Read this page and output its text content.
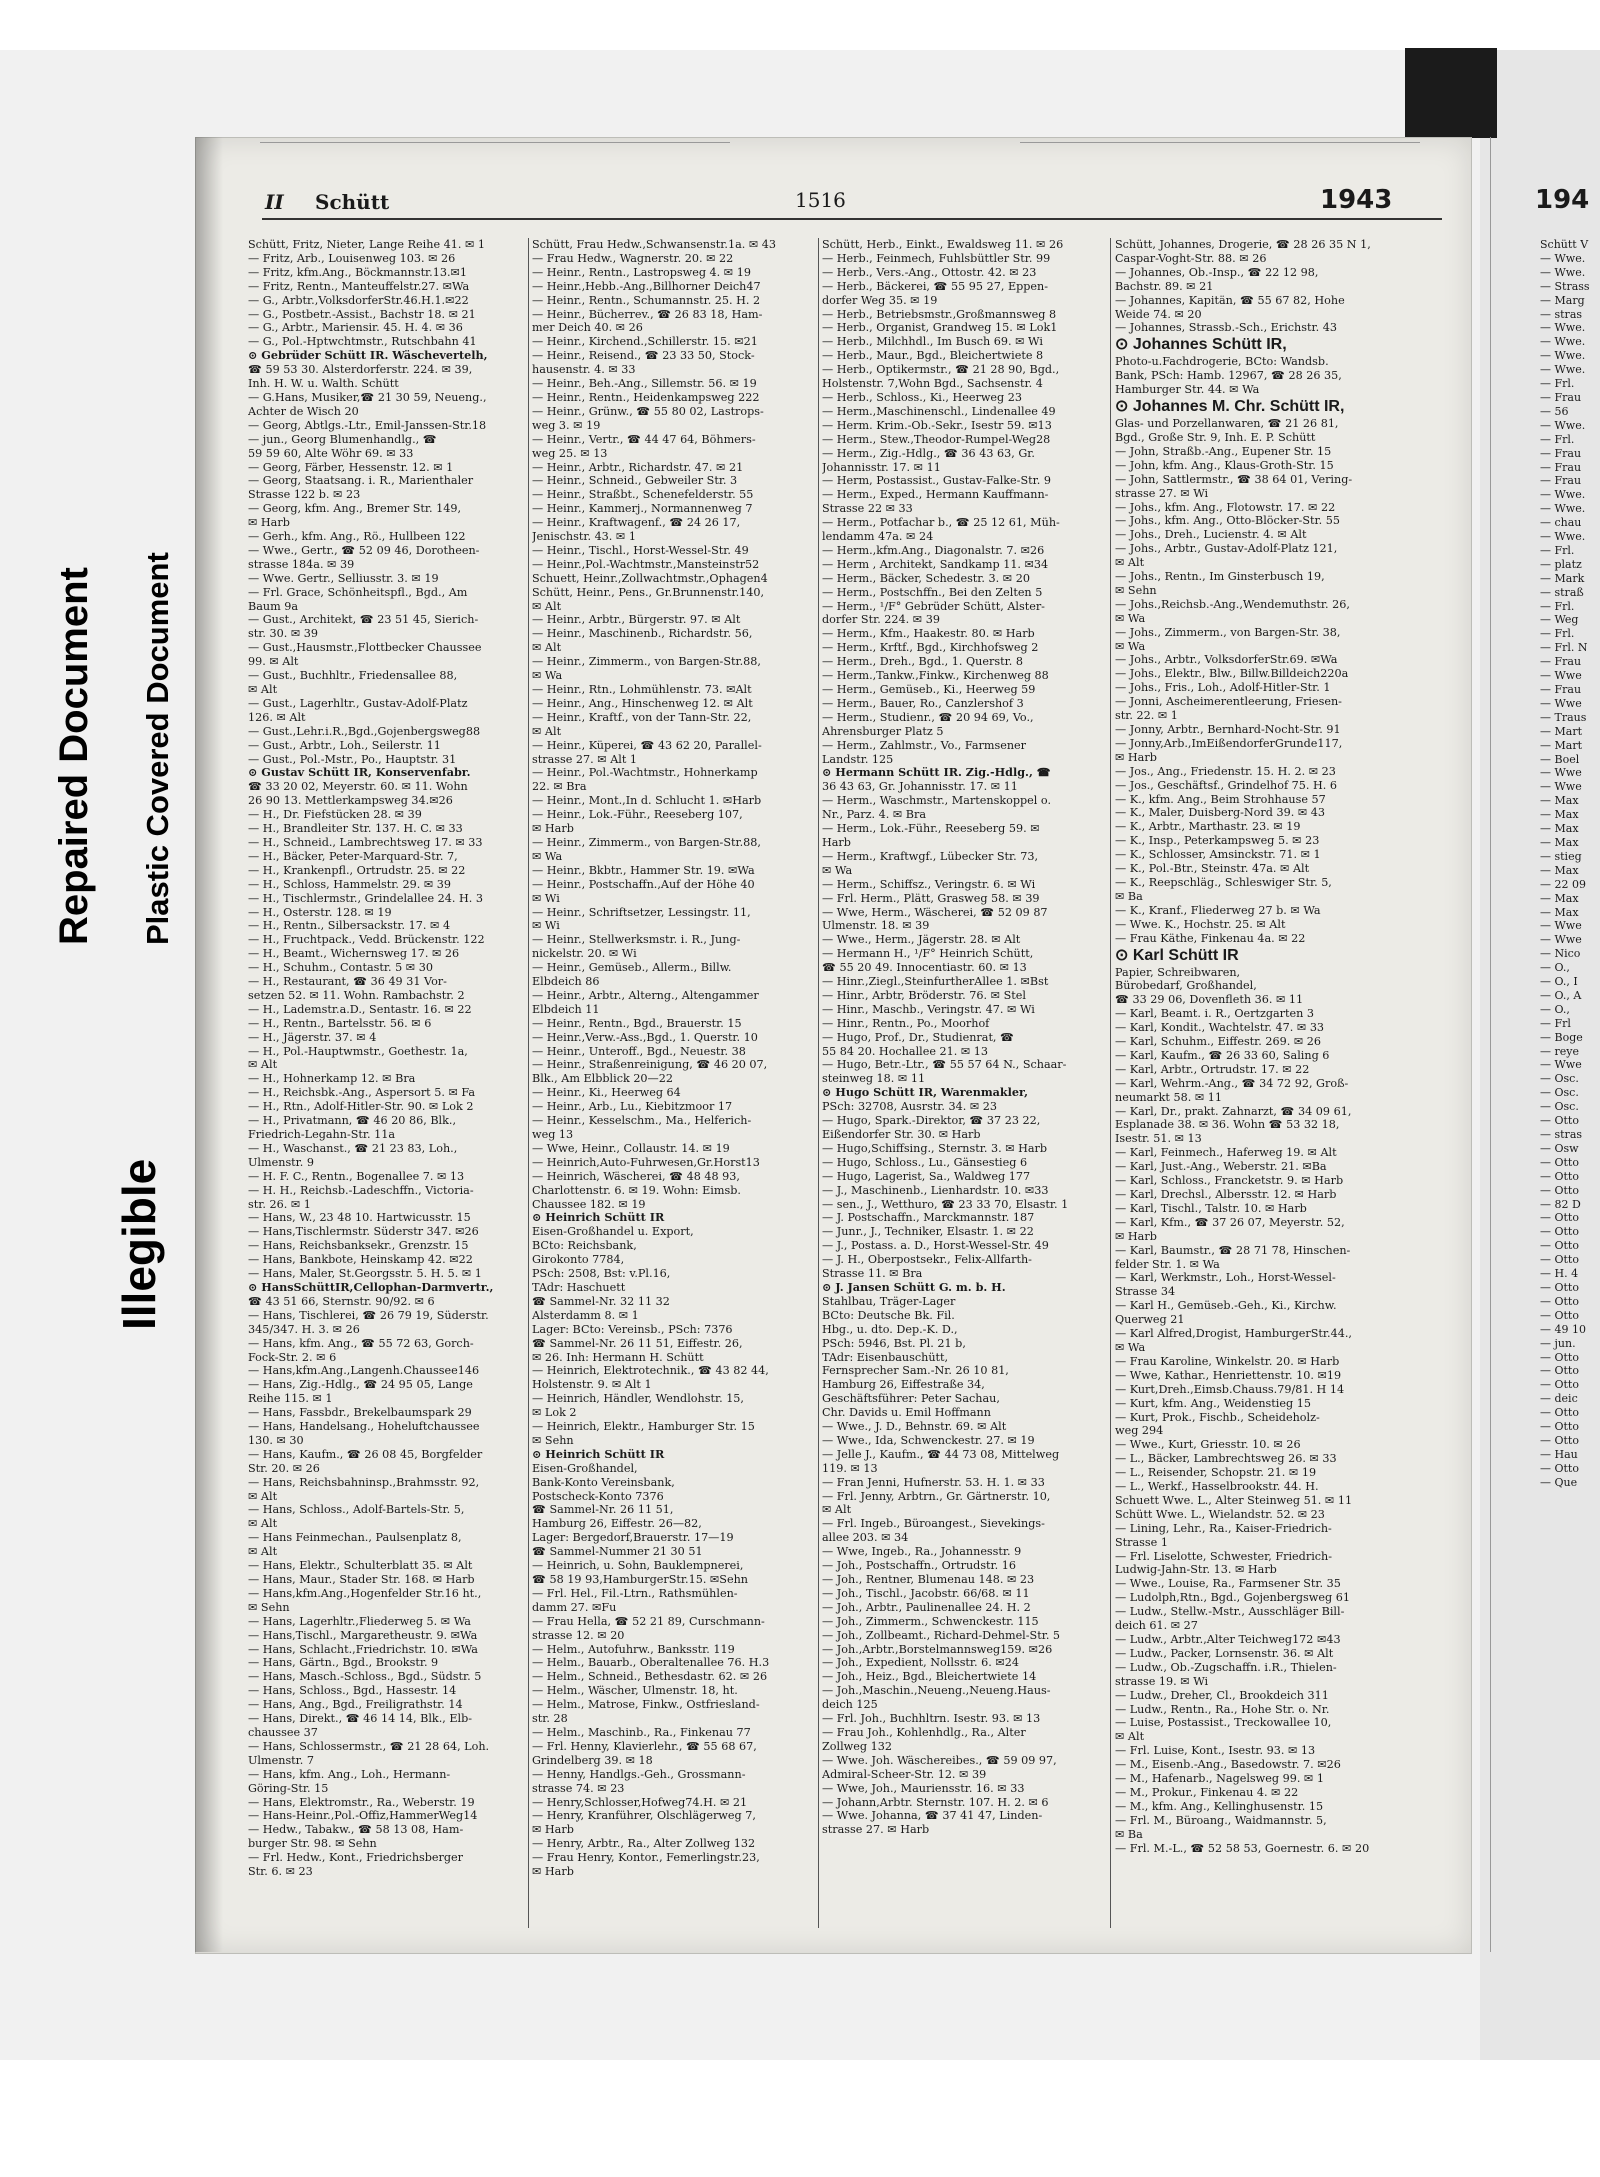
Repaired Document Plastic Covered Document
Illegible
II Schütt	1516	1943	194
Schütt, Fritz, Nieter, Lange Reihe 41. ✉ 1
— Fritz, Arb., Louisenweg 103. ✉ 26
— Fritz, kfm.Ang., Böckmannstr.13.✉1
— Fritz, Rentn., Manteuffelstr.27. ✉Wa
— G., Arbtr.,VolksdorferStr.46.H.1.✉22
— G., Postbetr.-Assist., Bachstr 18. ✉ 21
— G., Arbtr., Mariensir. 45. H. 4. ✉ 36
— G., Pol.-Hptwchtmstr., Rutschbahn 41
⊙ Gebrüder Schütt IR. Wäschevertelh,
☎ 59 53 30. Alsterdorferstr. 224. ✉ 39,
Inh. H. W. u. Walth. Schütt
— G.Hans, Musiker,☎ 21 30 59, Neueng.,
Achter de Wisch 20
— Georg, Abtlgs.-Ltr., Emil-Janssen-Str.18
— jun., Georg Blumenhandlg., ☎
59 59 60, Alte Wöhr 69. ✉ 33
— Georg, Färber, Hessenstr. 12. ✉ 1
— Georg, Staatsang. i. R., Marienthaler
Strasse 122 b. ✉ 23
— Georg, kfm. Ang., Bremer Str. 149,
✉ Harb
— Gerh., kfm. Ang., Rö., Hullbeen 122
— Wwe., Gertr., ☎ 52 09 46, Dorotheen-
strasse 184a. ✉ 39
— Wwe. Gertr., Selliusstr. 3. ✉ 19
— Frl. Grace, Schönheitspfl., Bgd., Am
Baum 9a
— Gust., Architekt, ☎ 23 51 45, Sierich-
str. 30. ✉ 39
— Gust.,Hausmstr.,Flottbecker Chaussee
99. ✉ Alt
— Gust., Buchhltr., Friedensallee 88,
✉ Alt
— Gust., Lagerhltr., Gustav-Adolf-Platz
126. ✉ Alt
— Gust.,Lehr.i.R.,Bgd.,Gojenbergsweg88
— Gust., Arbtr., Loh., Seilerstr. 11
— Gust., Pol.-Mstr., Po., Hauptstr. 31
⊙ Gustav Schütt IR, Konservenfabr.
☎ 33 20 02, Meyerstr. 60. ✉ 11. Wohn
26 90 13. Mettlerkampsweg 34.✉26
— H., Dr. Fiefstücken 28. ✉ 39
— H., Brandleiter Str. 137. H. C. ✉ 33
— H., Schneid., Lambrechtsweg 17. ✉ 33
— H., Bäcker, Peter-Marquard-Str. 7,
— H., Krankenpfl., Ortrudstr. 25. ✉ 22
— H., Schloss, Hammelstr. 29. ✉ 39
— H., Tischlermstr., Grindelallee 24. H. 3
— H., Osterstr. 128. ✉ 19
— H., Rentn., Silbersackstr. 17. ✉ 4
— H., Fruchtpack., Vedd. Brückenstr. 122
— H., Beamt., Wichernsweg 17. ✉ 26
— H., Schuhm., Contastr. 5 ✉ 30
— H., Restaurant, ☎ 36 49 31 Vor-
setzen 52. ✉ 11. Wohn. Rambachstr. 2
— H., Lademstr.a.D., Sentastr. 16. ✉ 22
— H., Rentn., Bartelsstr. 56. ✉ 6
— H., Jägerstr. 37. ✉ 4
— H., Pol.-Hauptwmstr., Goethestr. 1a,
✉ Alt
— H., Hohnerkamp 12. ✉ Bra
— H., Reichsbk.-Ang., Aspersort 5. ✉ Fa
— H., Rtn., Adolf-Hitler-Str. 90. ✉ Lok 2
— H., Privatmann, ☎ 46 20 86, Blk.,
Friedrich-Legahn-Str. 11a
— H., Waschanst., ☎ 21 23 83, Loh.,
Ulmenstr. 9
— H. F. C., Rentn., Bogenallee 7. ✉ 13
— H. H., Reichsb.-Ladeschffn., Victoria-
str. 26. ✉ 1
— Hans, W., 23 48 10. Hartwicusstr. 15
— Hans,Tischlermstr. Süderstr 347. ✉26
— Hans, Reichsbanksekr., Grenzstr. 15
— Hans, Bankbote, Heinskamp 42. ✉22
— Hans, Maler, St.Georgsstr. 5. H. 5. ✉ 1
⊙ HansSchüttIR,Cellophan-Darmvertr.,
☎ 43 51 66, Sternstr. 90/92. ✉ 6
— Hans, Tischlerei, ☎ 26 79 19, Süderstr.
345/347. H. 3. ✉ 26
— Hans, kfm. Ang., ☎ 55 72 63, Gorch-
Fock-Str. 2. ✉ 6
— Hans,kfm.Ang.,Langenh.Chaussee146
— Hans, Zig.-Hdlg., ☎ 24 95 05, Lange
Reihe 115. ✉ 1
— Hans, Fassbdr., Brekelbaumspark 29
— Hans, Handelsang., Hoheluftchaussee
130. ✉ 30
— Hans, Kaufm., ☎ 26 08 45, Borgfelder
Str. 20. ✉ 26
— Hans, Reichsbahninsp.,Brahmsstr. 92,
✉ Alt
— Hans, Schloss., Adolf-Bartels-Str. 5,
✉ Alt
— Hans Feinmechan., Paulsenplatz 8,
✉ Alt
— Hans, Elektr., Schulterblatt 35. ✉ Alt
— Hans, Maur., Stader Str. 168. ✉ Harb
— Hans,kfm.Ang.,Hogenfelder Str.16 ht.,
✉ Sehn
— Hans, Lagerhltr.,Fliederweg 5. ✉ Wa
— Hans,Tischl., Margaretheustr. 9. ✉Wa
— Hans, Schlacht.,Friedrichstr. 10. ✉Wa
— Hans, Gärtn., Bgd., Brookstr. 9
— Hans, Masch.-Schloss., Bgd., Südstr. 5
— Hans, Schloss., Bgd., Hassestr. 14
— Hans, Ang., Bgd., Freiligrathstr. 14
— Hans, Direkt., ☎ 46 14 14, Blk., Elb-
chaussee 37
— Hans, Schlossermstr., ☎ 21 28 64, Loh.
Ulmenstr. 7
— Hans, kfm. Ang., Loh., Hermann-
Göring-Str. 15
— Hans, Elektromstr., Ra., Weberstr. 19
— Hans-Heinr.,Pol.-Offiz,HammerWeg14
— Hedw., Tabakw., ☎ 58 13 08, Ham-
burger Str. 98. ✉ Sehn
— Frl. Hedw., Kont., Friedrichsberger
Str. 6. ✉ 23
Schütt, Frau Hedw.,Schwansenstr.1a. ✉ 43
— Frau Hedw., Wagnerstr. 20. ✉ 22
— Heinr., Rentn., Lastropsweg 4. ✉ 19
— Heinr.,Hebb.-Ang.,Billhorner Deich47
— Heinr., Rentn., Schumannstr. 25. H. 2
— Heinr., Bücherrev., ☎ 26 83 18, Ham-
mer Deich 40. ✉ 26
— Heinr., Kirchend.,Schillerstr. 15. ✉21
— Heinr., Reisend., ☎ 23 33 50, Stock-
hausenstr. 4. ✉ 33
— Heinr., Beh.-Ang., Sillemstr. 56. ✉ 19
— Heinr., Rentn., Heidenkampsweg 222
— Heinr., Grünw., ☎ 55 80 02, Lastrops-
weg 3. ✉ 19
— Heinr., Vertr., ☎ 44 47 64, Böhmers-
weg 25. ✉ 13
— Heinr., Arbtr., Richardstr. 47. ✉ 21
— Heinr., Schneid., Gebweiler Str. 3
— Heinr., Straßbt., Schenefelderstr. 55
— Heinr., Kammerj., Normannenweg 7
— Heinr., Kraftwagenf., ☎ 24 26 17,
Jenischstr. 43. ✉ 1
— Heinr., Tischl., Horst-Wessel-Str. 49
— Heinr.,Pol.-Wachtmstr.,Mansteinstr52
Schuett, Heinr.,Zollwachtmstr.,Ophagen4
Schütt, Heinr., Pens., Gr.Brunnenstr.140,
✉ Alt
— Heinr., Arbtr., Bürgerstr. 97. ✉ Alt
— Heinr., Maschinenb., Richardstr. 56,
✉ Alt
— Heinr., Zimmerm., von Bargen-Str.88,
✉ Wa
— Heinr., Rtn., Lohmühlenstr. 73. ✉Alt
— Heinr., Ang., Hinschenweg 12. ✉ Alt
— Heinr., Kraftf., von der Tann-Str. 22,
✉ Alt
— Heinr., Küperei, ☎ 43 62 20, Parallel-
strasse 27. ✉ Alt 1
— Heinr., Pol.-Wachtmstr., Hohnerkamp
22. ✉ Bra
— Heinr., Mont.,In d. Schlucht 1. ✉Harb
— Heinr., Lok.-Führ., Reeseberg 107,
✉ Harb
— Heinr., Zimmerm., von Bargen-Str.88,
✉ Wa
— Heinr., Bkbtr., Hammer Str. 19. ✉Wa
— Heinr., Postschaffn.,Auf der Höhe 40
✉ Wi
— Heinr., Schriftsetzer, Lessingstr. 11,
✉ Wi
— Heinr., Stellwerksmstr. i. R., Jung-
nickelstr. 20. ✉ Wi
— Heinr., Gemüseb., Allerm., Billw.
Elbdeich 86
— Heinr., Arbtr., Alterng., Altengammer
Elbdeich 11
— Heinr., Rentn., Bgd., Brauerstr. 15
— Heinr.,Verw.-Ass.,Bgd., 1. Querstr. 10
— Heinr., Unteroff., Bgd., Neuestr. 38
— Heinr., Straßenreinigung, ☎ 46 20 07,
Blk., Am Elbblick 20—22
— Heinr., Ki., Heerweg 64
— Heinr., Arb., Lu., Kiebitzmoor 17
— Heinr., Kesselschm., Ma., Helferich-
weg 13
— Wwe, Heinr., Collaustr. 14. ✉ 19
— Heinrich,Auto-Fuhrwesen,Gr.Horst13
— Heinrich, Wäscherei, ☎ 48 48 93,
Charlottenstr. 6. ✉ 19. Wohn: Eimsb.
Chaussee 182. ✉ 19
⊙ Heinrich Schütt IR
Eisen-Großhandel u. Export,
BCto: Reichsbank,
Girokonto 7784,
PSch: 2508, Bst: v.Pl.16,
TAdr: Haschuett
☎ Sammel-Nr. 32 11 32
Alsterdamm 8. ✉ 1
Lager: BCto: Vereinsb., PSch: 7376
☎ Sammel-Nr. 26 11 51, Eiffestr. 26,
✉ 26. Inh: Hermann H. Schütt
— Heinrich, Elektrotechnik., ☎ 43 82 44,
Holstenstr. 9. ✉ Alt 1
— Heinrich, Händler, Wendlohstr. 15,
✉ Lok 2
— Heinrich, Elektr., Hamburger Str. 15
✉ Sehn
⊙ Heinrich Schütt IR
Eisen-Großhandel,
Bank-Konto Vereinsbank,
Postscheck-Konto 7376
☎ Sammel-Nr. 26 11 51,
Hamburg 26, Eiffestr. 26—82,
Lager: Bergedorf,Brauerstr. 17—19
☎ Sammel-Nummer 21 30 51
— Heinrich, u. Sohn, Bauklempnerei,
☎ 58 19 93,HamburgerStr.15. ✉Sehn
— Frl. Hel., Fil.-Ltrn., Rathsmühlen-
damm 27. ✉Fu
— Frau Hella, ☎ 52 21 89, Curschmann-
strasse 12. ✉ 20
— Helm., Autofuhrw., Banksstr. 119
— Helm., Bauarb., Oberaltenallee 76. H.3
— Helm., Schneid., Bethesdastr. 62. ✉ 26
— Helm., Wäscher, Ulmenstr. 18, ht.
— Helm., Matrose, Finkw., Ostfriesland-
str. 28
— Helm., Maschinb., Ra., Finkenau 77
— Frl. Henny, Klavierlehr., ☎ 55 68 67,
Grindelberg 39. ✉ 18
— Henny, Handlgs.-Geh., Grossmann-
strasse 74. ✉ 23
— Henry,Schlosser,Hofweg74.H. ✉ 21
— Henry, Kranführer, Olschlägerweg 7,
✉ Harb
— Henry, Arbtr., Ra., Alter Zollweg 132
— Frau Henry, Kontor., Femerlingstr.23,
✉ Harb
Schütt, Herb., Einkt., Ewaldsweg 11. ✉ 26
— Herb., Feinmech, Fuhlsbüttler Str. 99
— Herb., Vers.-Ang., Ottostr. 42. ✉ 23
— Herb., Bäckerei, ☎ 55 95 27, Eppen-
dorfer Weg 35. ✉ 19
— Herb., Betriebsmstr.,Großmannsweg 8
— Herb., Organist, Grandweg 15. ✉ Lok1
— Herb., Milchhdl., Im Busch 69. ✉ Wi
— Herb., Maur., Bgd., Bleichertwiete 8
— Herb., Optikermstr., ☎ 21 28 90, Bgd.,
Holstenstr. 7,Wohn Bgd., Sachsenstr. 4
— Herb., Schloss., Ki., Heerweg 23
— Herm.,Maschinenschl., Lindenallee 49
— Herm. Krim.-Ob.-Sekr., Isestr 59. ✉13
— Herm., Stew.,Theodor-Rumpel-Weg28
— Herm., Zig.-Hdlg., ☎ 36 43 63, Gr.
Johannisstr. 17. ✉ 11
— Herm, Postassist., Gustav-Falke-Str. 9
— Herm., Exped., Hermann Kauffmann-
Strasse 22 ✉ 33
— Herm., Potfachar b., ☎ 25 12 61, Müh-
lendamm 47a. ✉ 24
— Herm.,kfm.Ang., Diagonalstr. 7. ✉26
— Herm , Architekt, Sandkamp 11. ✉34
— Herm., Bäcker, Schedestr. 3. ✉ 20
— Herm., Postschffn., Bei den Zelten 5
— Herm., ¹/F° Gebrüder Schütt, Alster-
dorfer Str. 224. ✉ 39
— Herm., Kfm., Haakestr. 80. ✉ Harb
— Herm., Krftf., Bgd., Kirchhofsweg 2
— Herm., Dreh., Bgd., 1. Querstr. 8
— Herm.,Tankw.,Finkw., Kirchenweg 88
— Herm., Gemüseb., Ki., Heerweg 59
— Herm., Bauer, Ro., Canzlershof 3
— Herm., Studienr., ☎ 20 94 69, Vo.,
Ahrensburger Platz 5
— Herm., Zahlmstr., Vo., Farmsener
Landstr. 125
⊙ Hermann Schütt IR. Zig.-Hdlg., ☎
36 43 63, Gr. Johannisstr. 17. ✉ 11
— Herm., Waschmstr., Martenskoppel o.
Nr., Parz. 4. ✉ Bra
— Herm., Lok.-Führ., Reeseberg 59. ✉
Harb
— Herm., Kraftwgf., Lübecker Str. 73,
✉ Wa
— Herm., Schiffsz., Veringstr. 6. ✉ Wi
— Frl. Herm., Plätt, Grasweg 58. ✉ 39
— Wwe, Herm., Wäscherei, ☎ 52 09 87
Ulmenstr. 18. ✉ 39
— Wwe., Herm., Jägerstr. 28. ✉ Alt
— Hermann H., ¹/F° Heinrich Schütt,
☎ 55 20 49. Innocentiastr. 60. ✉ 13
— Hinr.,Ziegl.,SteinfurtherAllee 1. ✉Bst
— Hinr., Arbtr, Bröderstr. 76. ✉ Stel
— Hinr., Maschb., Veringstr. 47. ✉ Wi
— Hinr., Rentn., Po., Moorhof
— Hugo, Prof., Dr., Studienrat, ☎
55 84 20. Hochallee 21. ✉ 13
— Hugo, Betr.-Ltr., ☎ 55 57 64 N., Schaar-
steinweg 18. ✉ 11
⊙ Hugo Schütt IR, Warenmakler,
PSch: 32708, Ausrstr. 34. ✉ 23
— Hugo, Spark.-Direktor, ☎ 37 23 22,
Eißendorfer Str. 30. ✉ Harb
— Hugo,Schiffsing., Sternstr. 3. ✉ Harb
— Hugo, Schloss., Lu., Gänsestieg 6
— Hugo, Lagerist, Sa., Waldweg 177
— J., Maschinenb., Lienhardstr. 10. ✉33
— sen., J., Wetthuro, ☎ 23 33 70, Elsastr. 1
— J. Postschaffn., Marckmannstr. 187
— Junr., J., Techniker, Elsastr. 1. ✉ 22
— J., Postass. a. D., Horst-Wessel-Str. 49
— J. H., Oberpostsekr., Felix-Allfarth-
Strasse 11. ✉ Bra
⊙ J. Jansen Schütt G. m. b. H.
Stahlbau, Träger-Lager
BCto: Deutsche Bk. Fil.
Hbg., u. dto. Dep.-K. D.,
PSch: 5946, Bst. Pl. 21 b,
TAdr: Eisenbauschütt,
Fernsprecher Sam.-Nr. 26 10 81,
Hamburg 26, Eiffestraße 34,
Geschäftsführer: Peter Sachau,
Chr. Davids u. Emil Hoffmann
— Wwe., J. D., Behnstr. 69. ✉ Alt
— Wwe., Ida, Schwenckestr. 27. ✉ 19
— Jelle J., Kaufm., ☎ 44 73 08, Mittelweg
119. ✉ 13
— Fran Jenni, Hufnerstr. 53. H. 1. ✉ 33
— Frl. Jenny, Arbtrn., Gr. Gärtnerstr. 10,
✉ Alt
— Frl. Ingeb., Büroangest., Sievekings-
allee 203. ✉ 34
— Wwe, Ingeb., Ra., Johannesstr. 9
— Joh., Postschaffn., Ortrudstr. 16
— Joh., Rentner, Blumenau 148. ✉ 23
— Joh., Tischl., Jacobstr. 66/68. ✉ 11
— Joh., Arbtr., Paulinenallee 24. H. 2
— Joh., Zimmerm., Schwenckestr. 115
— Joh., Zollbeamt., Richard-Dehmel-Str. 5
— Joh.,Arbtr.,Borstelmannsweg159. ✉26
— Joh., Expedient, Nollsstr. 6. ✉24
— Joh., Heiz., Bgd., Bleichertwiete 14
— Joh.,Maschin.,Neueng.,Neueng.Haus-
deich 125
— Frl. Joh., Buchhltrn. Isestr. 93. ✉ 13
— Frau Joh., Kohlenhdlg., Ra., Alter
Zollweg 132
— Wwe. Joh. Wäschereibes., ☎ 59 09 97,
Admiral-Scheer-Str. 12. ✉ 39
— Wwe, Joh., Mauriensstr. 16. ✉ 33
— Johann,Arbtr. Sternstr. 107. H. 2. ✉ 6
— Wwe. Johanna, ☎ 37 41 47, Linden-
strasse 27. ✉ Harb
Schütt, Johannes, Drogerie, ☎ 28 26 35 N 1,
Caspar-Voght-Str. 88. ✉ 26
— Johannes, Ob.-Insp., ☎ 22 12 98,
Bachstr. 89. ✉ 21
— Johannes, Kapitän, ☎ 55 67 82, Hohe
Weide 74. ✉ 20
— Johannes, Strassb.-Sch., Erichstr. 43
⊙ Johannes Schütt IR,
Photo-u.Fachdrogerie, BCto: Wandsb.
Bank, PSch: Hamb. 12967, ☎ 28 26 35,
Hamburger Str. 44. ✉ Wa
⊙ Johannes M. Chr. Schütt IR,
Glas- und Porzellanwaren, ☎ 21 26 81,
Bgd., Große Str. 9, Inh. E. P. Schütt
— John, Straßb.-Ang., Eupener Str. 15
— John, kfm. Ang., Klaus-Groth-Str. 15
— John, Sattlermstr., ☎ 38 64 01, Vering-
strasse 27. ✉ Wi
— Johs., kfm. Ang., Flotowstr. 17. ✉ 22
— Johs., kfm. Ang., Otto-Blöcker-Str. 55
— Johs., Dreh., Lucienstr. 4. ✉ Alt
— Johs., Arbtr., Gustav-Adolf-Platz 121,
✉ Alt
— Johs., Rentn., Im Ginsterbusch 19,
✉ Sehn
— Johs.,Reichsb.-Ang.,Wendemuthstr. 26,
✉ Wa
— Johs., Zimmerm., von Bargen-Str. 38,
✉ Wa
— Johs., Arbtr., VolksdorferStr.69. ✉Wa
— Johs., Elektr., Blw., Billw.Billdeich220a
— Johs., Fris., Loh., Adolf-Hitler-Str. 1
— Jonni, Ascheimerentleerung, Friesen-
str. 22. ✉ 1
— Jonny, Arbtr., Bernhard-Nocht-Str. 91
— Jonny,Arb.,ImEißendorferGrunde117,
✉ Harb
— Jos., Ang., Friedenstr. 15. H. 2. ✉ 23
— Jos., Geschäftsf., Grindelhof 75. H. 6
— K., kfm. Ang., Beim Strohhause 57
— K., Maler, Duisberg-Nord 39. ✉ 43
— K., Arbtr., Marthastr. 23. ✉ 19
— K., Insp., Peterkampsweg 5. ✉ 23
— K., Schlosser, Amsinckstr. 71. ✉ 1
— K., Pol.-Btr., Steinstr. 47a. ✉ Alt
— K., Reepschläg., Schleswiger Str. 5,
✉ Ba
— K., Kranf., Fliederweg 27 b. ✉ Wa
— Wwe. K., Hochstr. 25. ✉ Alt
— Frau Käthe, Finkenau 4a. ✉ 22
⊙ Karl Schütt IR
Papier, Schreibwaren,
Bürobedarf, Großhandel,
☎ 33 29 06, Dovenfleth 36. ✉ 11
— Karl, Beamt. i. R., Oertzgarten 3
— Karl, Kondit., Wachtelstr. 47. ✉ 33
— Karl, Schuhm., Eiffestr. 269. ✉ 26
— Karl, Kaufm., ☎ 26 33 60, Saling 6
— Karl, Arbtr., Ortrudstr. 17. ✉ 22
— Karl, Wehrm.-Ang., ☎ 34 72 92, Groß-
neumarkt 58. ✉ 11
— Karl, Dr., prakt. Zahnarzt, ☎ 34 09 61,
Esplanade 38. ✉ 36. Wohn ☎ 53 32 18,
Isestr. 51. ✉ 13
— Karl, Feinmech., Haferweg 19. ✉ Alt
— Karl, Just.-Ang., Weberstr. 21. ✉Ba
— Karl, Schloss., Francketstr. 9. ✉ Harb
— Karl, Drechsl., Albersstr. 12. ✉ Harb
— Karl, Tischl., Talstr. 10. ✉ Harb
— Karl, Kfm., ☎ 37 26 07, Meyerstr. 52,
✉ Harb
— Karl, Baumstr., ☎ 28 71 78, Hinschen-
felder Str. 1. ✉ Wa
— Karl, Werkmstr., Loh., Horst-Wessel-
Strasse 34
— Karl H., Gemüseb.-Geh., Ki., Kirchw.
Querweg 21
— Karl Alfred,Drogist, HamburgerStr.44.,
✉ Wa
— Frau Karoline, Winkelstr. 20. ✉ Harb
— Wwe, Kathar., Henriettenstr. 10. ✉19
— Kurt,Dreh.,Eimsb.Chauss.79/81. H 14
— Kurt, kfm. Ang., Weidenstieg 15
— Kurt, Prok., Fischb., Scheideholz-
weg 294
— Wwe., Kurt, Griesstr. 10. ✉ 26
— L., Bäcker, Lambrechtsweg 26. ✉ 33
— L., Reisender, Schopstr. 21. ✉ 19
— L., Werkf., Hasselbrookstr. 44. H.
Schuett Wwe. L., Alter Steinweg 51. ✉ 11
Schütt Wwe. L., Wielandstr. 52. ✉ 23
— Lining, Lehr., Ra., Kaiser-Friedrich-
Strasse 1
— Frl. Liselotte, Schwester, Friedrich-
Ludwig-Jahn-Str. 13. ✉ Harb
— Wwe., Louise, Ra., Farmsener Str. 35
— Ludolph,Rtn., Bgd., Gojenbergsweg 61
— Ludw., Stellw.-Mstr., Ausschläger Bill-
deich 61. ✉ 27
— Ludw., Arbtr.,Alter Teichweg172 ✉43
— Ludw., Packer, Lornsenstr. 36. ✉ Alt
— Ludw., Ob.-Zugschaffn. i.R., Thielen-
strasse 19. ✉ Wi
— Ludw., Dreher, Cl., Brookdeich 311
— Ludw., Rentn., Ra., Hohe Str. o. Nr.
— Luise, Postassist., Treckowallee 10,
✉ Alt
— Frl. Luise, Kont., Isestr. 93. ✉ 13
— M., Eisenb.-Ang., Basedowstr. 7. ✉26
— M., Hafenarb., Nagelsweg 99. ✉ 1
— M., Prokur., Finkenau 4. ✉ 22
— M., kfm. Ang., Kellinghusenstr. 15
— Frl. M., Büroang., Waidmannstr. 5,
✉ Ba
— Frl. M.-L., ☎ 52 58 53, Goernestr. 6. ✉ 20
Schütt V
— Wwe.
— Wwe.
— Strass
— Marg
— stras
— Wwe.
— Wwe.
— Wwe.
— Wwe.
— Frl.
— Frau
— 56
— Wwe.
— Frl.
— Frau
— Frau
— Frau
— Wwe.
— Wwe.
— chau
— Wwe.
— Frl.
— platz
— Mark
— straß
— Frl.
— Weg
— Frl.
— Frl. N
— Frau
— Wwe
— Frau
— Wwe
— Traus
— Mart
— Mart
— Boel
— Wwe
— Wwe
— Max
— Max
— Max
— Max
— stieg
— Max
— 22 09
— Max
— Max
— Wwe
— Wwe
— Nico
— O.,
— O., I
— O., A
— O.,
— Frl
— Boge
— reye
— Wwe
— Osc.
— Osc.
— Osc.
— Otto
— stras
— Osw
— Otto
— Otto
— Otto
— 82 D
— Otto
— Otto
— Otto
— Otto
— H. 4
— Otto
— Otto
— Otto
— 49 10
— jun.
— Otto
— Otto
— Otto
— deic
— Otto
— Otto
— Otto
— Hau
— Otto
— Que
